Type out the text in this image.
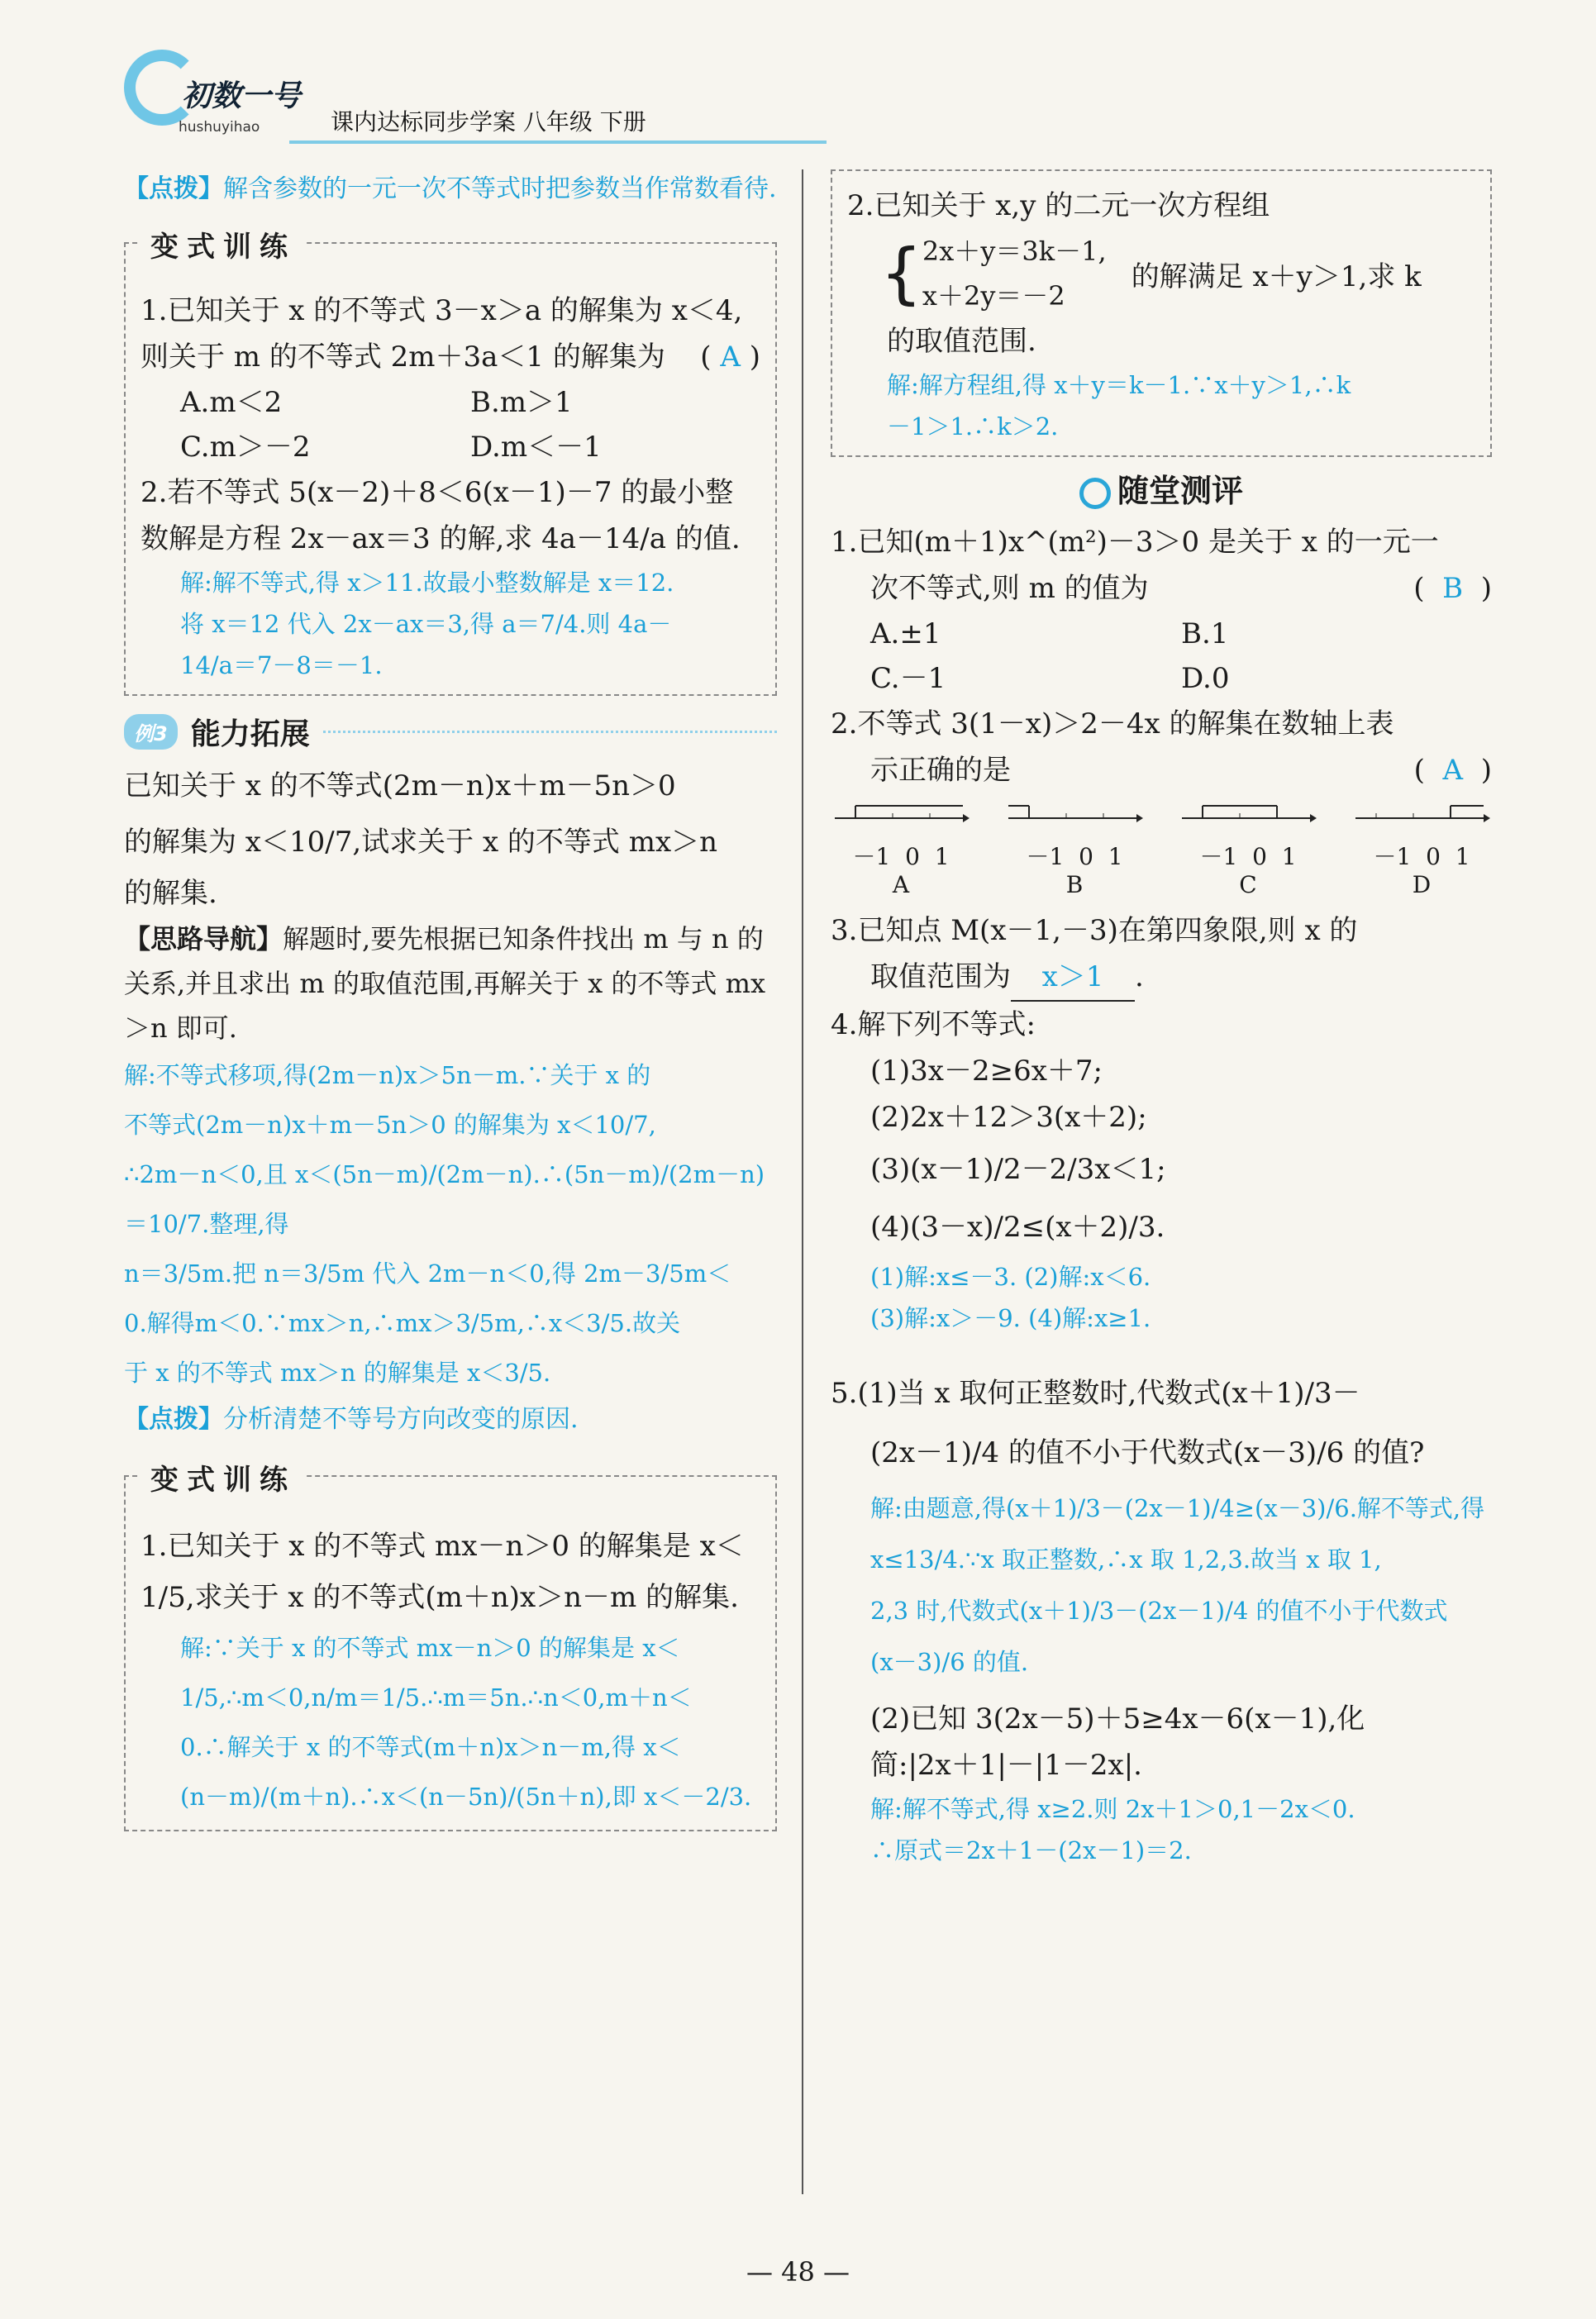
初数一号
hushuyihao	课内达标同步学案 八年级 下册

【点拨】解含参数的一元一次不等式时把参数当作常数看待.

变式训练

1.已知关于 x 的不等式 3－x＞a 的解集为 x＜4,则关于 m 的不等式 2m＋3a＜1 的解集为 ( A )

A.m＜2	B.m＞1
C.m＞－2	D.m＜－1

2.若不等式 5(x－2)＋8＜6(x－1)－7 的最小整数解是方程 2x－ax＝3 的解,求 4a－14/a 的值.

解:解不等式,得 x＞11.故最小整数解是 x＝12.

将 x＝12 代入 2x－ax＝3,得 a＝7/4.则 4a－

14/a＝7－8＝－1.

例3 能力拓展

已知关于 x 的不等式(2m－n)x＋m－5n＞0

的解集为 x＜10/7,试求关于 x 的不等式 mx＞n

的解集.

【思路导航】解题时,要先根据已知条件找出 m 与 n 的关系,并且求出 m 的取值范围,再解关于 x 的不等式 mx＞n 即可.

解:不等式移项,得(2m－n)x＞5n－m.∵关于 x 的

不等式(2m－n)x＋m－5n＞0 的解集为 x＜10/7,

∴2m－n＜0,且 x＜(5n－m)/(2m－n).∴(5n－m)/(2m－n)＝10/7.整理,得

n＝3/5m.把 n＝3/5m 代入 2m－n＜0,得 2m－3/5m＜

0.解得m＜0.∵mx＞n,∴mx＞3/5m,∴x＜3/5.故关

于 x 的不等式 mx＞n 的解集是 x＜3/5.

【点拨】分析清楚不等号方向改变的原因.

变式训练

1.已知关于 x 的不等式 mx－n＞0 的解集是 x＜1/5,求关于 x 的不等式(m＋n)x＞n－m 的解集.

解:∵关于 x 的不等式 mx－n＞0 的解集是 x＜

1/5,∴m＜0,n/m＝1/5.∴m＝5n.∴n＜0,m＋n＜

0.∴解关于 x 的不等式(m＋n)x＞n－m,得 x＜

(n－m)/(m＋n).∴x＜(n－5n)/(5n＋n),即 x＜－2/3.

2.已知关于 x,y 的二元一次方程组

{ 2x＋y＝3k－1,
x＋2y＝－2
的解满足 x＋y＞1,求 k

的取值范围.

解:解方程组,得 x＋y＝k－1.∵x＋y＞1,∴k

－1＞1.∴k＞2.

随堂测评

1.已知(m＋1)x^(m²)－3＞0 是关于 x 的一元一

次不等式,则 m 的值为	(  B  )

A.±1	B.1
C.－1	D.0

2.不等式 3(1－x)＞2－4x 的解集在数轴上表

示正确的是	(  A  )

－1 0 1
A
－1 0 1
B
－1 0 1
C
－1 0 1
D

3.已知点 M(x－1,－3)在第四象限,则 x 的

取值范围为 x＞1 .

4.解下列不等式:

(1)3x－2≥6x＋7;

(2)2x＋12＞3(x＋2);

(3)(x－1)/2－2/3x＜1;

(4)(3－x)/2≤(x＋2)/3.

(1)解:x≤－3. (2)解:x＜6.

(3)解:x＞－9. (4)解:x≥1.

5.(1)当 x 取何正整数时,代数式(x＋1)/3－

(2x－1)/4 的值不小于代数式(x－3)/6 的值?

解:由题意,得(x＋1)/3－(2x－1)/4≥(x－3)/6.解不等式,得

x≤13/4.∵x 取正整数,∴x 取 1,2,3.故当 x 取 1,

2,3 时,代数式(x＋1)/3－(2x－1)/4 的值不小于代数式

(x－3)/6 的值.

(2)已知 3(2x－5)＋5≥4x－6(x－1),化

简:|2x＋1|－|1－2x|.

解:解不等式,得 x≥2.则 2x＋1＞0,1－2x＜0.

∴原式＝2x＋1－(2x－1)＝2.

— 48 —
